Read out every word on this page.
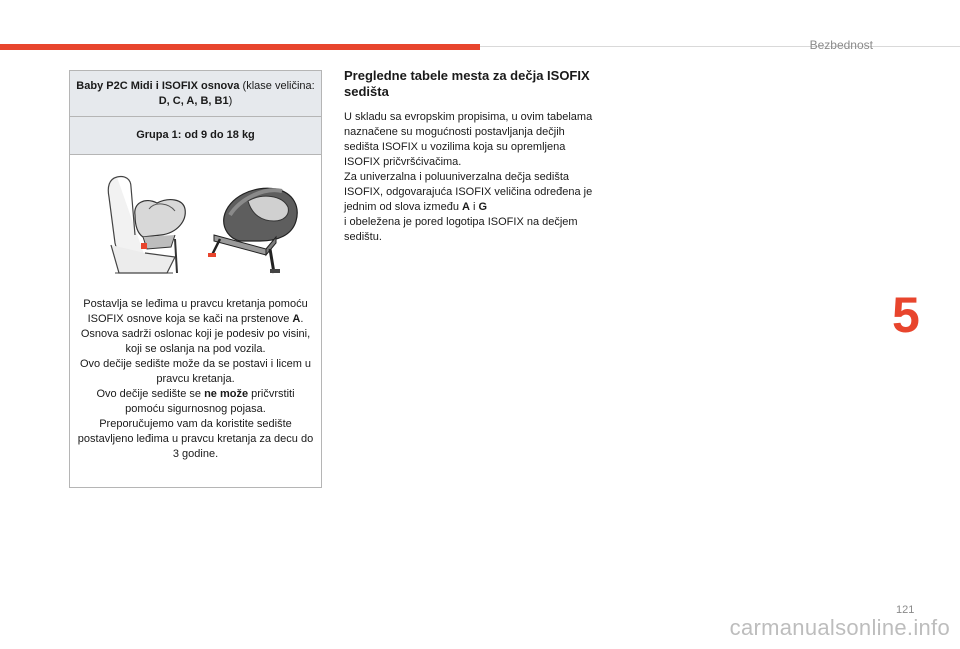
Bezbednost
5
121
carmanualsonline.info
Baby P2C Midi i ISOFIX osnova (klase veličina: D, C, A, B, B1)
Grupa 1: od 9 do 18 kg

Postavlja se leđima u pravcu kretanja pomoću ISOFIX osnove koja se kači na prstenove A.

Osnova sadrži oslonac koji je podesiv po visini, koji se oslanja na pod vozila.

Ovo dečije sedište može da se postavi i licem u pravcu kretanja.

Ovo dečije sedište se ne može pričvrstiti pomoću sigurnosnog pojasa.

Preporučujemo vam da koristite sedište postavljeno leđima u pravcu kretanja za decu do 3 godine.

Pregledne tabele mesta za dečja ISOFIX sedišta

U skladu sa evropskim propisima, u ovim tabelama naznačene su mogućnosti postavljanja dečjih sedišta ISOFIX u vozilima koja su opremljena ISOFIX pričvršćivačima.
Za univerzalna i poluuniverzalna dečja sedišta ISOFIX, odgovarajuća ISOFIX veličina određena je jednim od slova između A i G
i obeležena je pored logotipa ISOFIX na dečjem sedištu.
